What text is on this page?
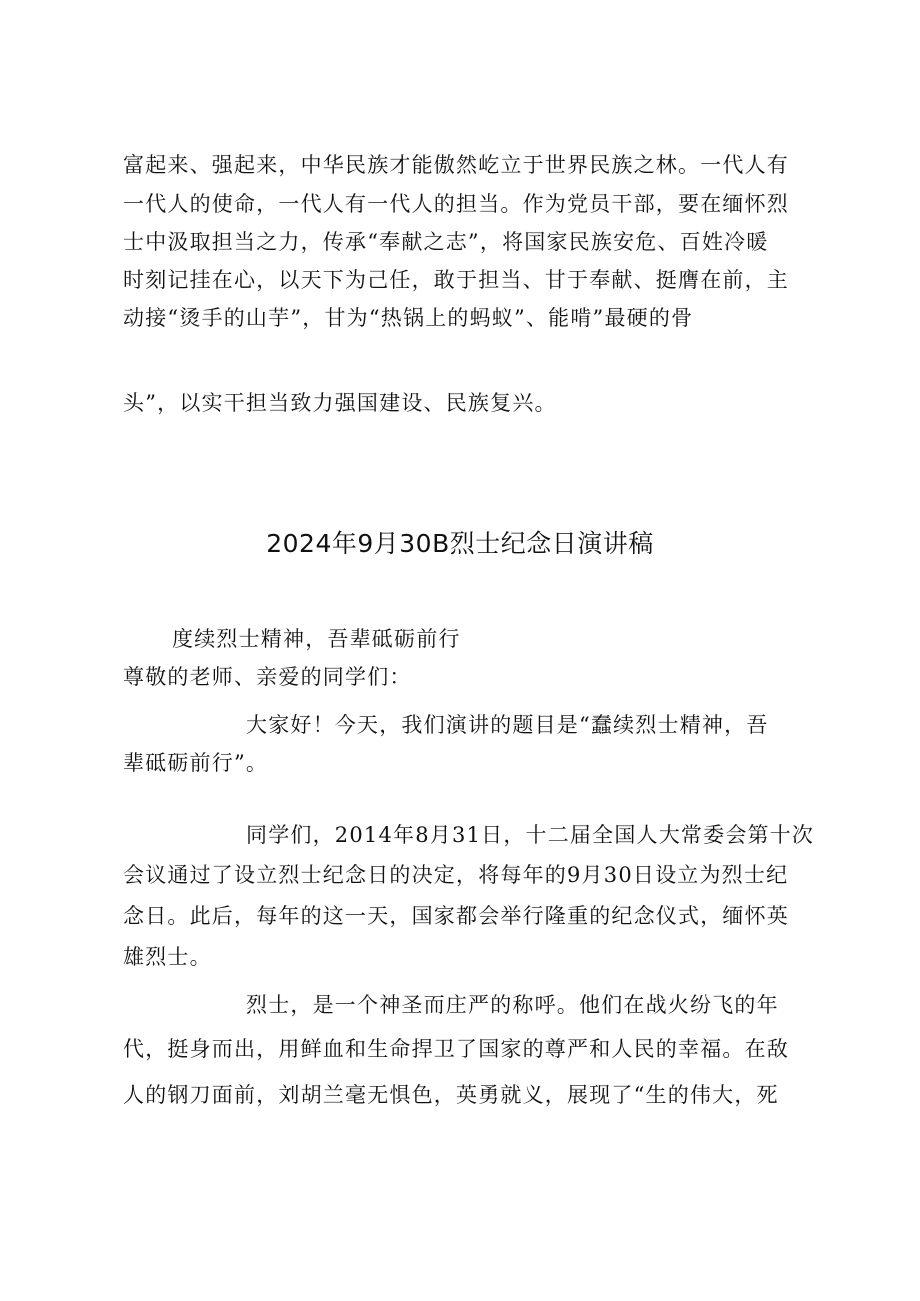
富起来、强起来，中华民族才能傲然屹立于世界民族之林。一代人有
一代人的使命，一代人有一代人的担当。作为党员干部，要在缅怀烈
士中汲取担当之力，传承“奉献之志”，将国家民族安危、百姓冷暖
时刻记挂在心，以天下为己任，敢于担当、甘于奉献、挺膺在前，主
动接“烫手的山芋”，甘为“热锅上的蚂蚁”、能啃”最硬的骨
头”，以实干担当致力强国建设、民族复兴。
2024年9月30B烈士纪念日演讲稿
度续烈士精神，吾辈砥砺前行
尊敬的老师、亲爱的同学们：
大家好！今天，我们演讲的题目是“蠢续烈士精神，吾
辈砥砺前行”。
同学们，2014年8月31日，十二届全国人大常委会第十次
会议通过了设立烈士纪念日的决定，将每年的9月30日设立为烈士纪
念日。此后，每年的这一天，国家都会举行隆重的纪念仪式，缅怀英
雄烈士。
烈士，是一个神圣而庄严的称呼。他们在战火纷飞的年
代，挺身而出，用鲜血和生命捍卫了国家的尊严和人民的幸福。在敌
人的钢刀面前，刘胡兰毫无惧色，英勇就义，展现了“生的伟大，死
